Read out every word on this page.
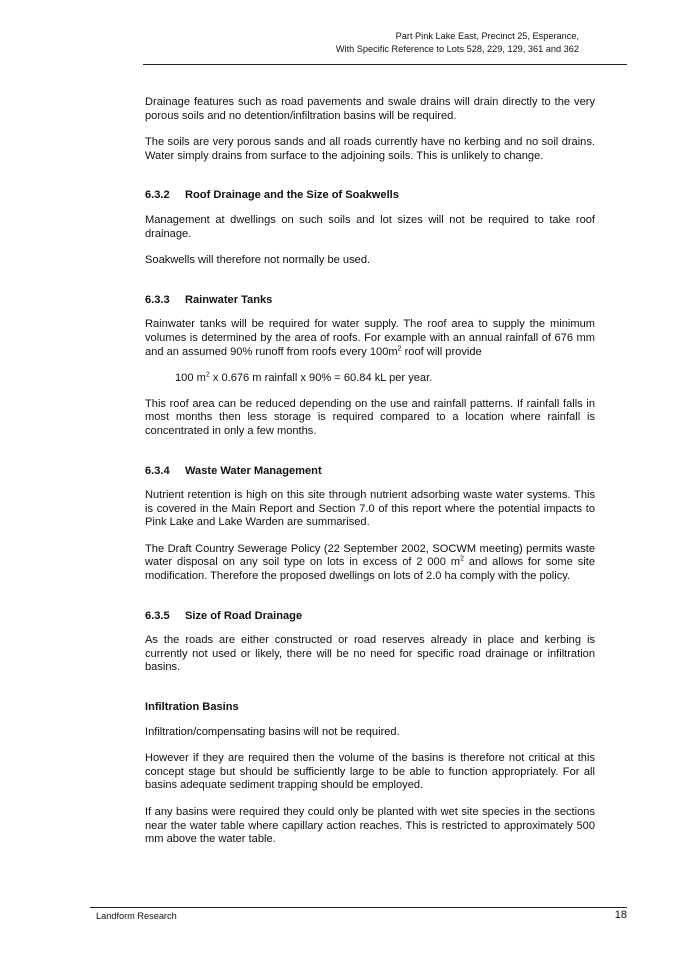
Part Pink Lake East, Precinct 25, Esperance,
With Specific Reference to Lots 528, 229, 129, 361 and 362

Drainage features such as road pavements and swale drains will drain directly to the very porous soils and no detention/infiltration basins will be required.

The soils are very porous sands and all roads currently have no kerbing and no soil drains. Water simply drains from surface to the adjoining soils. This is unlikely to change.

6.3.2 Roof Drainage and the Size of Soakwells

Management at dwellings on such soils and lot sizes will not be required to take roof drainage.

Soakwells will therefore not normally be used.

6.3.3 Rainwater Tanks

Rainwater tanks will be required for water supply. The roof area to supply the minimum volumes is determined by the area of roofs. For example with an annual rainfall of 676 mm and an assumed 90% runoff from roofs every $100m^2$ roof will provide

100 $m^2$ x 0.676 m rainfall x 90% = 60.84 kL per year.

This roof area can be reduced depending on the use and rainfall patterns. If rainfall falls in most months then less storage is required compared to a location where rainfall is concentrated in only a few months.

6.3.4 Waste Water Management

Nutrient retention is high on this site through nutrient adsorbing waste water systems. This is covered in the Main Report and Section 7.0 of this report where the potential impacts to Pink Lake and Lake Warden are summarised.

The Draft Country Sewerage Policy (22 September 2002, SOCWM meeting) permits waste water disposal on any soil type on lots in excess of 2 000 $m^2$ and allows for some site modification. Therefore the proposed dwellings on lots of 2.0 ha comply with the policy.

6.3.5 Size of Road Drainage

As the roads are either constructed or road reserves already in place and kerbing is currently not used or likely, there will be no need for specific road drainage or infiltration basins.

Infiltration Basins

Infiltration/compensating basins will not be required.

However if they are required then the volume of the basins is therefore not critical at this concept stage but should be sufficiently large to be able to function appropriately. For all basins adequate sediment trapping should be employed.

If any basins were required they could only be planted with wet site species in the sections near the water table where capillary action reaches. This is restricted to approximately 500 mm above the water table.

Landform Research	18
